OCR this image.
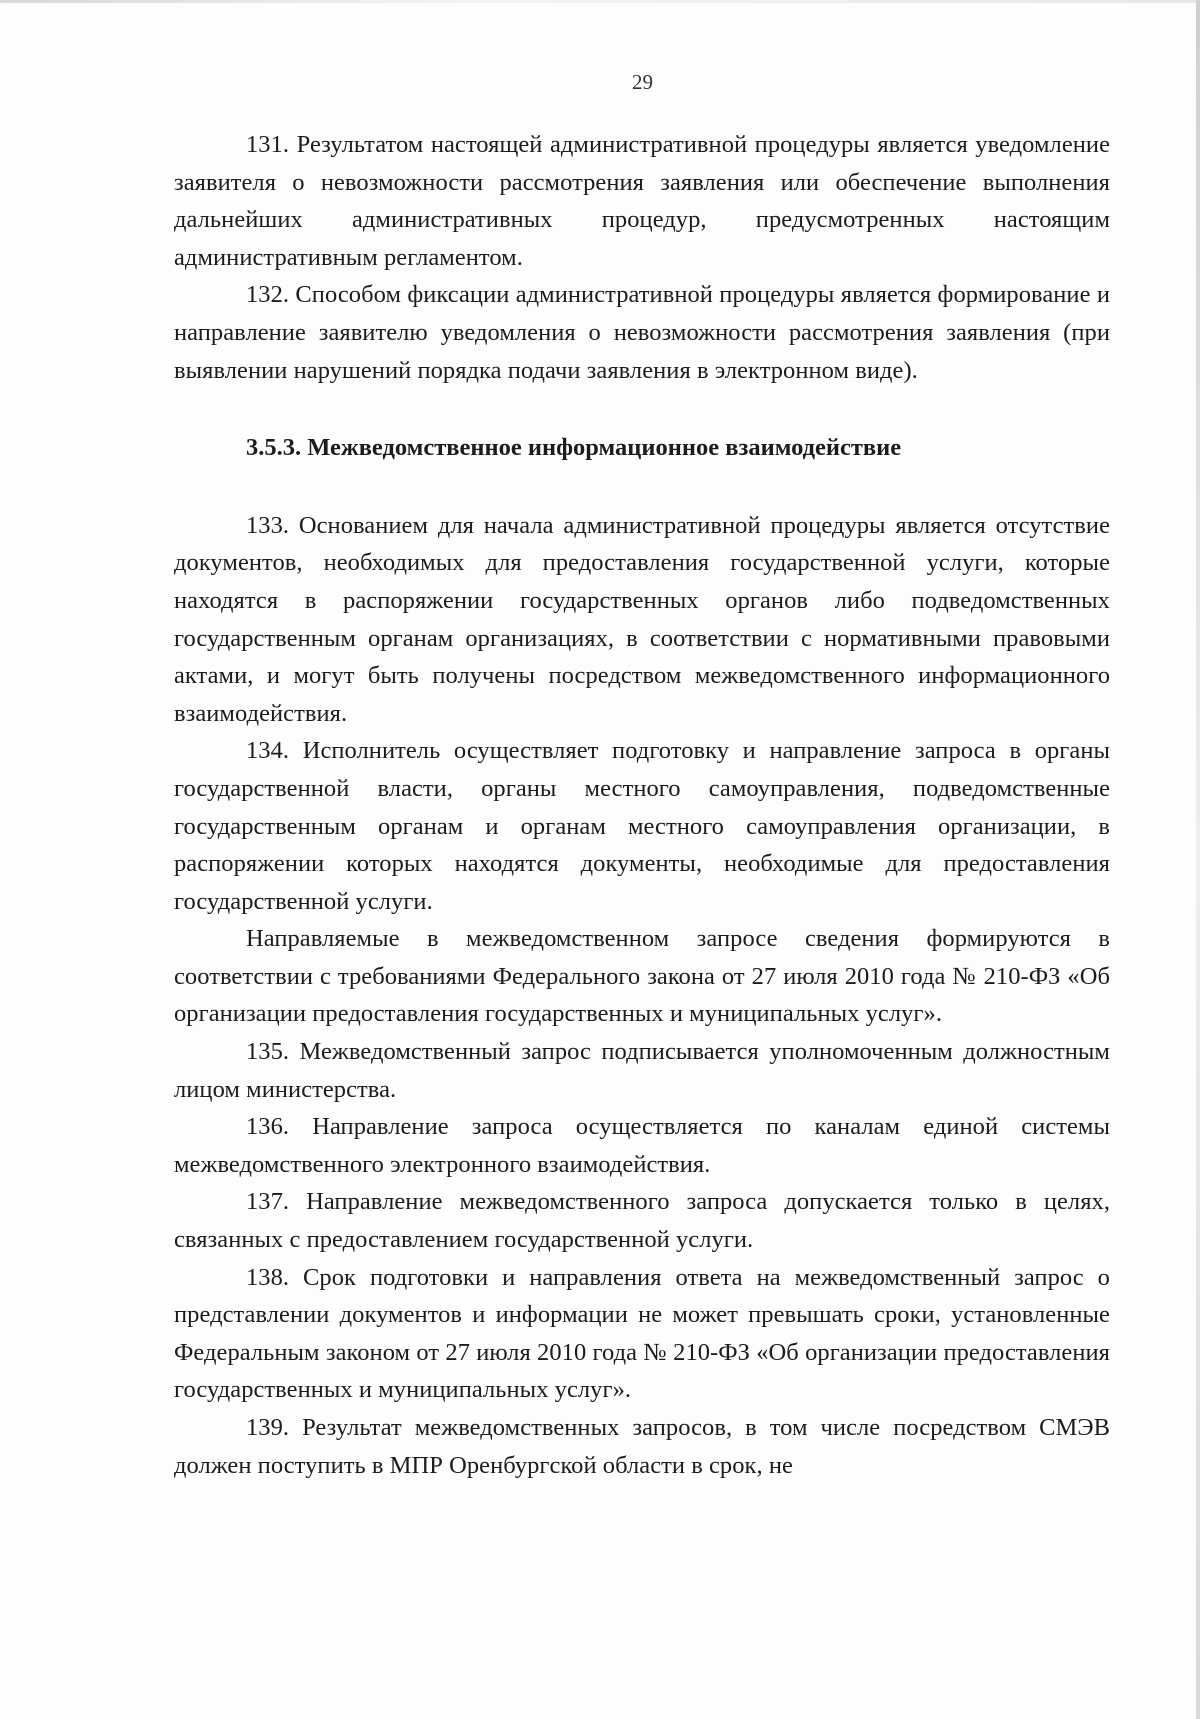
29

131. Результатом настоящей административной процедуры является уведомление заявителя о невозможности рассмотрения заявления или обеспечение выполнения дальнейших административных процедур, предусмотренных настоящим административным регламентом.

132. Способом фиксации административной процедуры является формирование и направление заявителю уведомления о невозможности рассмотрения заявления (при выявлении нарушений порядка подачи заявления в электронном виде).

3.5.3. Межведомственное информационное взаимодействие

133. Основанием для начала административной процедуры является отсутствие документов, необходимых для предоставления государственной услуги, которые находятся в распоряжении государственных органов либо подведомственных государственным органам организациях, в соответствии с нормативными правовыми актами, и могут быть получены посредством межведомственного информационного взаимодействия.

134. Исполнитель осуществляет подготовку и направление запроса в органы государственной власти, органы местного самоуправления, подведомственные государственным органам и органам местного самоуправления организации, в распоряжении которых находятся документы, необходимые для предоставления государственной услуги.

Направляемые в межведомственном запросе сведения формируются в соответствии с требованиями Федерального закона от 27 июля 2010 года № 210-ФЗ «Об организации предоставления государственных и муниципальных услуг».

135. Межведомственный запрос подписывается уполномоченным должностным лицом министерства.

136. Направление запроса осуществляется по каналам единой системы межведомственного электронного взаимодействия.

137. Направление межведомственного запроса допускается только в целях, связанных с предоставлением государственной услуги.

138. Срок подготовки и направления ответа на межведомственный запрос о представлении документов и информации не может превышать сроки, установленные Федеральным законом от 27 июля 2010 года № 210-ФЗ «Об организации предоставления государственных и муниципальных услуг».

139. Результат межведомственных запросов, в том числе посредством СМЭВ должен поступить в МПР Оренбургской области в срок, не
